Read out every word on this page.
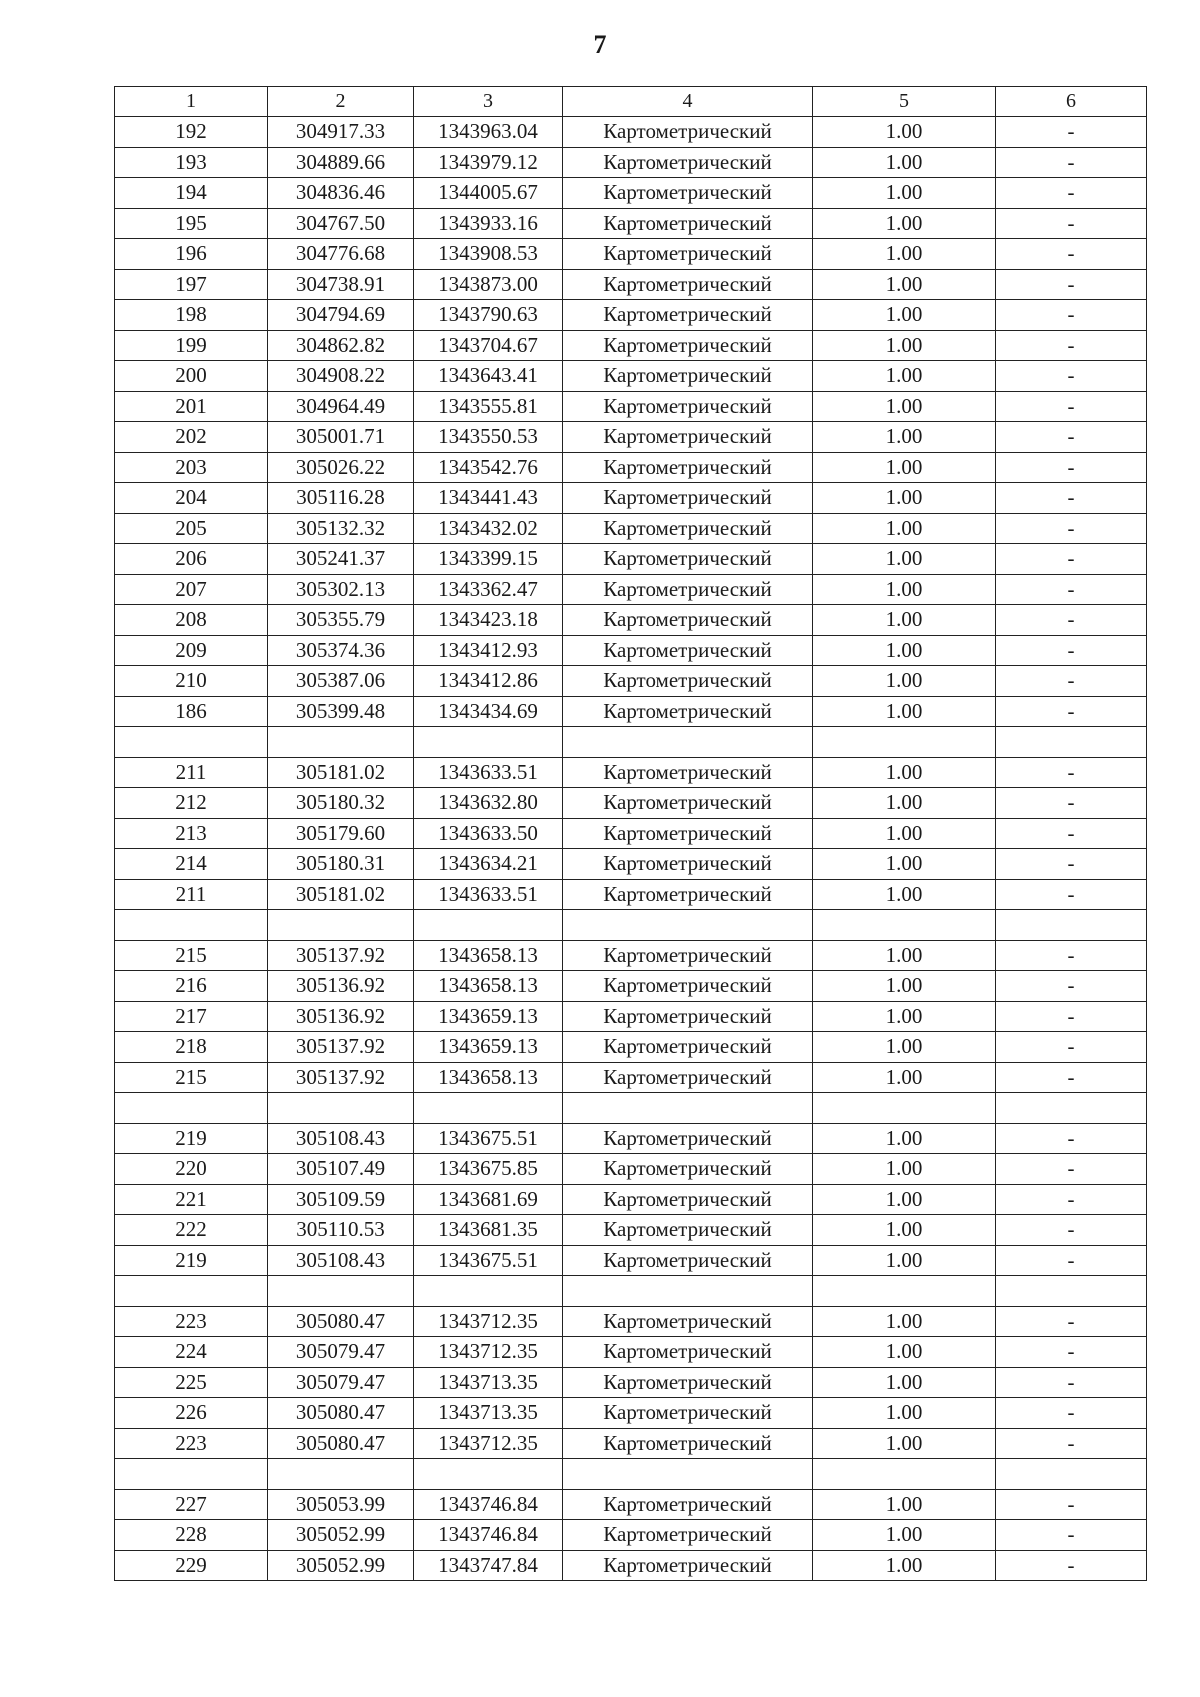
7
1	2	3	4	5	6
192	304917.33	1343963.04	Картометрический	1.00	-
193	304889.66	1343979.12	Картометрический	1.00	-
194	304836.46	1344005.67	Картометрический	1.00	-
195	304767.50	1343933.16	Картометрический	1.00	-
196	304776.68	1343908.53	Картометрический	1.00	-
197	304738.91	1343873.00	Картометрический	1.00	-
198	304794.69	1343790.63	Картометрический	1.00	-
199	304862.82	1343704.67	Картометрический	1.00	-
200	304908.22	1343643.41	Картометрический	1.00	-
201	304964.49	1343555.81	Картометрический	1.00	-
202	305001.71	1343550.53	Картометрический	1.00	-
203	305026.22	1343542.76	Картометрический	1.00	-
204	305116.28	1343441.43	Картометрический	1.00	-
205	305132.32	1343432.02	Картометрический	1.00	-
206	305241.37	1343399.15	Картометрический	1.00	-
207	305302.13	1343362.47	Картометрический	1.00	-
208	305355.79	1343423.18	Картометрический	1.00	-
209	305374.36	1343412.93	Картометрический	1.00	-
210	305387.06	1343412.86	Картометрический	1.00	-
186	305399.48	1343434.69	Картометрический	1.00	-

211	305181.02	1343633.51	Картометрический	1.00	-
212	305180.32	1343632.80	Картометрический	1.00	-
213	305179.60	1343633.50	Картометрический	1.00	-
214	305180.31	1343634.21	Картометрический	1.00	-
211	305181.02	1343633.51	Картометрический	1.00	-

215	305137.92	1343658.13	Картометрический	1.00	-
216	305136.92	1343658.13	Картометрический	1.00	-
217	305136.92	1343659.13	Картометрический	1.00	-
218	305137.92	1343659.13	Картометрический	1.00	-
215	305137.92	1343658.13	Картометрический	1.00	-

219	305108.43	1343675.51	Картометрический	1.00	-
220	305107.49	1343675.85	Картометрический	1.00	-
221	305109.59	1343681.69	Картометрический	1.00	-
222	305110.53	1343681.35	Картометрический	1.00	-
219	305108.43	1343675.51	Картометрический	1.00	-

223	305080.47	1343712.35	Картометрический	1.00	-
224	305079.47	1343712.35	Картометрический	1.00	-
225	305079.47	1343713.35	Картометрический	1.00	-
226	305080.47	1343713.35	Картометрический	1.00	-
223	305080.47	1343712.35	Картометрический	1.00	-

227	305053.99	1343746.84	Картометрический	1.00	-
228	305052.99	1343746.84	Картометрический	1.00	-
229	305052.99	1343747.84	Картометрический	1.00	-
